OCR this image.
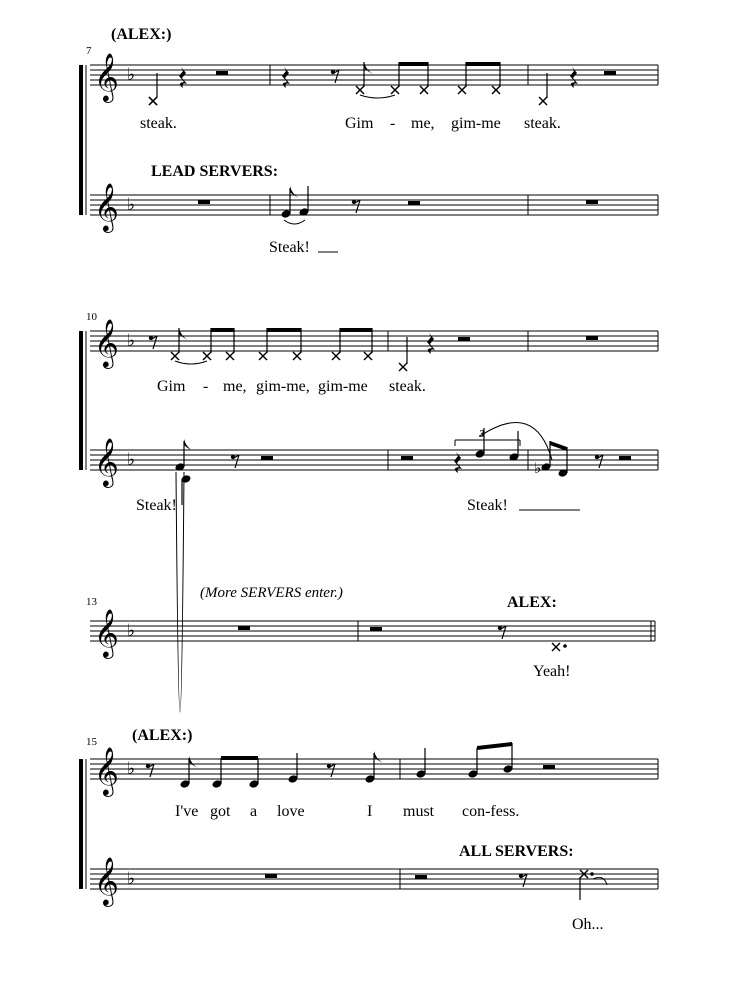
𝄞 ♭
𝄞 ♭
𝄞 ♭
𝄞 ♭	♭
𝄞 ♭
𝄞 ♭
𝄞 ♭
7
(ALEX:)
LEAD SERVERS:
steak.	Gim - me, gim-me steak.
Steak!
10
Gim - me, gim-me, gim-me steak.
Steak!	Steak!
3
13
(More SERVERS enter.)
ALEX:
Yeah!
15 (ALEX:)
ALL SERVERS:
I've got a love	I must con-fess.
Oh...
